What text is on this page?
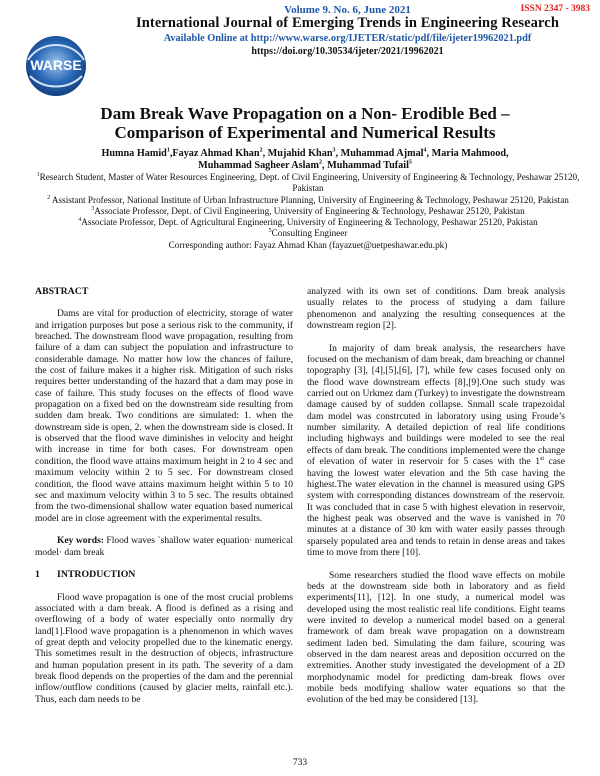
ISSN 2347 - 3983
WARSE
Volume 9. No. 6, June 2021
International Journal of Emerging Trends in Engineering Research
Available Online at http://www.warse.org/IJETER/static/pdf/file/ijeter19962021.pdf
https://doi.org/10.30534/ijeter/2021/19962021
Dam Break Wave Propagation on a Non- Erodible Bed –
Comparison of Experimental and Numerical Results
Humna Hamid$^1$,Fayaz Ahmad Khan$^2$, Mujahid Khan$^3$, Muhammad Ajmal$^4$, Maria Mahmood,
Muhammad Sagheer Aslam$^2$, Muhammad Tufail$^5$
$^1$Research Student, Master of Water Resources Engineering, Dept. of Civil Engineering, University of Engineering & Technology, Peshawar 25120, Pakistan
$^2$ Assistant Professor, National Institute of Urban Infrastructure Planning, University of Engineering & Technology, Peshawar 25120, Pakistan
$^3$Associate Professor, Dept. of Civil Engineering, University of Engineering & Technology, Peshawar 25120, Pakistan
$^4$Associate Professor, Dept. of Agricultural Engineering, University of Engineering & Technology, Peshawar 25120, Pakistan
$^5$Consulting Engineer
Corresponding author: Fayaz Ahmad Khan (fayazuet@uetpeshawar.edu.pk)
ABSTRACT

Dams are vital for production of electricity, storage of water and irrigation purposes but pose a serious risk to the community, if breached. The downstream flood wave propagation, resulting from failure of a dam can subject the population and infrastructure to considerable damage. No matter how low the chances of failure, the cost of failure makes it a higher risk. Mitigation of such risks requires better understanding of the hazard that a dam may pose in case of failure. This study focuses on the effects of flood wave propagation on a fixed bed on the downstream side resulting from sudden dam break. Two conditions are simulated: 1. when the downstream side is open, 2. when the downstream side is closed. It is observed that the flood wave diminishes in velocity and height with increase in time for both cases. For downstream open condition, the flood wave attains maximum height in 2 to 4 sec and maximum velocity within 2 to 5 sec. For downstream closed condition, the flood wave attains maximum height within 5 to 10 sec and maximum velocity within 3 to 5 sec. The results obtained from the two-dimensional shallow water equation based numerical model are in close agreement with the experimental results.

Key words: Flood waves `shallow water equation· numerical model· dam break

1 INTRODUCTION

Flood wave propagation is one of the most crucial problems associated with a dam break. A flood is defined as a rising and overflowing of a body of water especially onto normally dry land[1].Flood wave propagation is a phenomenon in which waves of great depth and velocity propelled due to the kinematic energy. This sometimes result in the destruction of objects, infrastructure and human population present in its path. The severity of a dam break flood depends on the properties of the dam and the perennial inflow/outflow conditions (caused by glacier melts, rainfall etc.). Thus, each dam needs to be

analyzed with its own set of conditions. Dam break analysis usually relates to the process of studying a dam failure phenomenon and analyzing the resulting consequences at the downstream region [2].

In majority of dam break analysis, the researchers have focused on the mechanism of dam break, dam breaching or channel topography [3], [4],[5],[6], [7], while few cases focused only on the flood wave downstream effects [8],[9].One such study was carried out on Urkmez dam (Turkey) to investigate the downstream damage caused by of sudden collapse. Snmall scale trapezoidal dam model was constrcuted in laboratory using using Froude’s number similarity. A detailed depiction of real life conditions including highways and buildings were modeled to see the real effects of dam break. The conditions implemented were the change of elevation of water in reservoir for 5 cases with the 1st case having the lowest water elevation and the 5th case having the highest.The water elevation in the channel is measured using GPS system with corresponding distances downstream of the reservoir. It was concluded that in case 5 with highest elevation in reservoir, the highest peak was observed and the wave is vanished in 70 minutes at a distance of 30 km with water easily passes through sparsely populated area and tends to retain in dense areas and takes time to move from there [10].

Some researchers studied the flood wave effects on mobile beds at the downstream side both in laboratory and as field experiments[11], [12]. In one study, a numerical model was developed using the most realistic real life conditions. Eight teams were invited to develop a numerical model based on a general framework of dam break wave propagation on a downstream sediment laden bed. Simulating the dam failure, scouring was observed in the dam nearest areas and deposition occurred on the extremities. Another study investigated the development of a 2D morphodynamic model for predicting dam-break flows over mobile beds modifying shallow water equations so that the evolution of the bed may be considered [13].

733
